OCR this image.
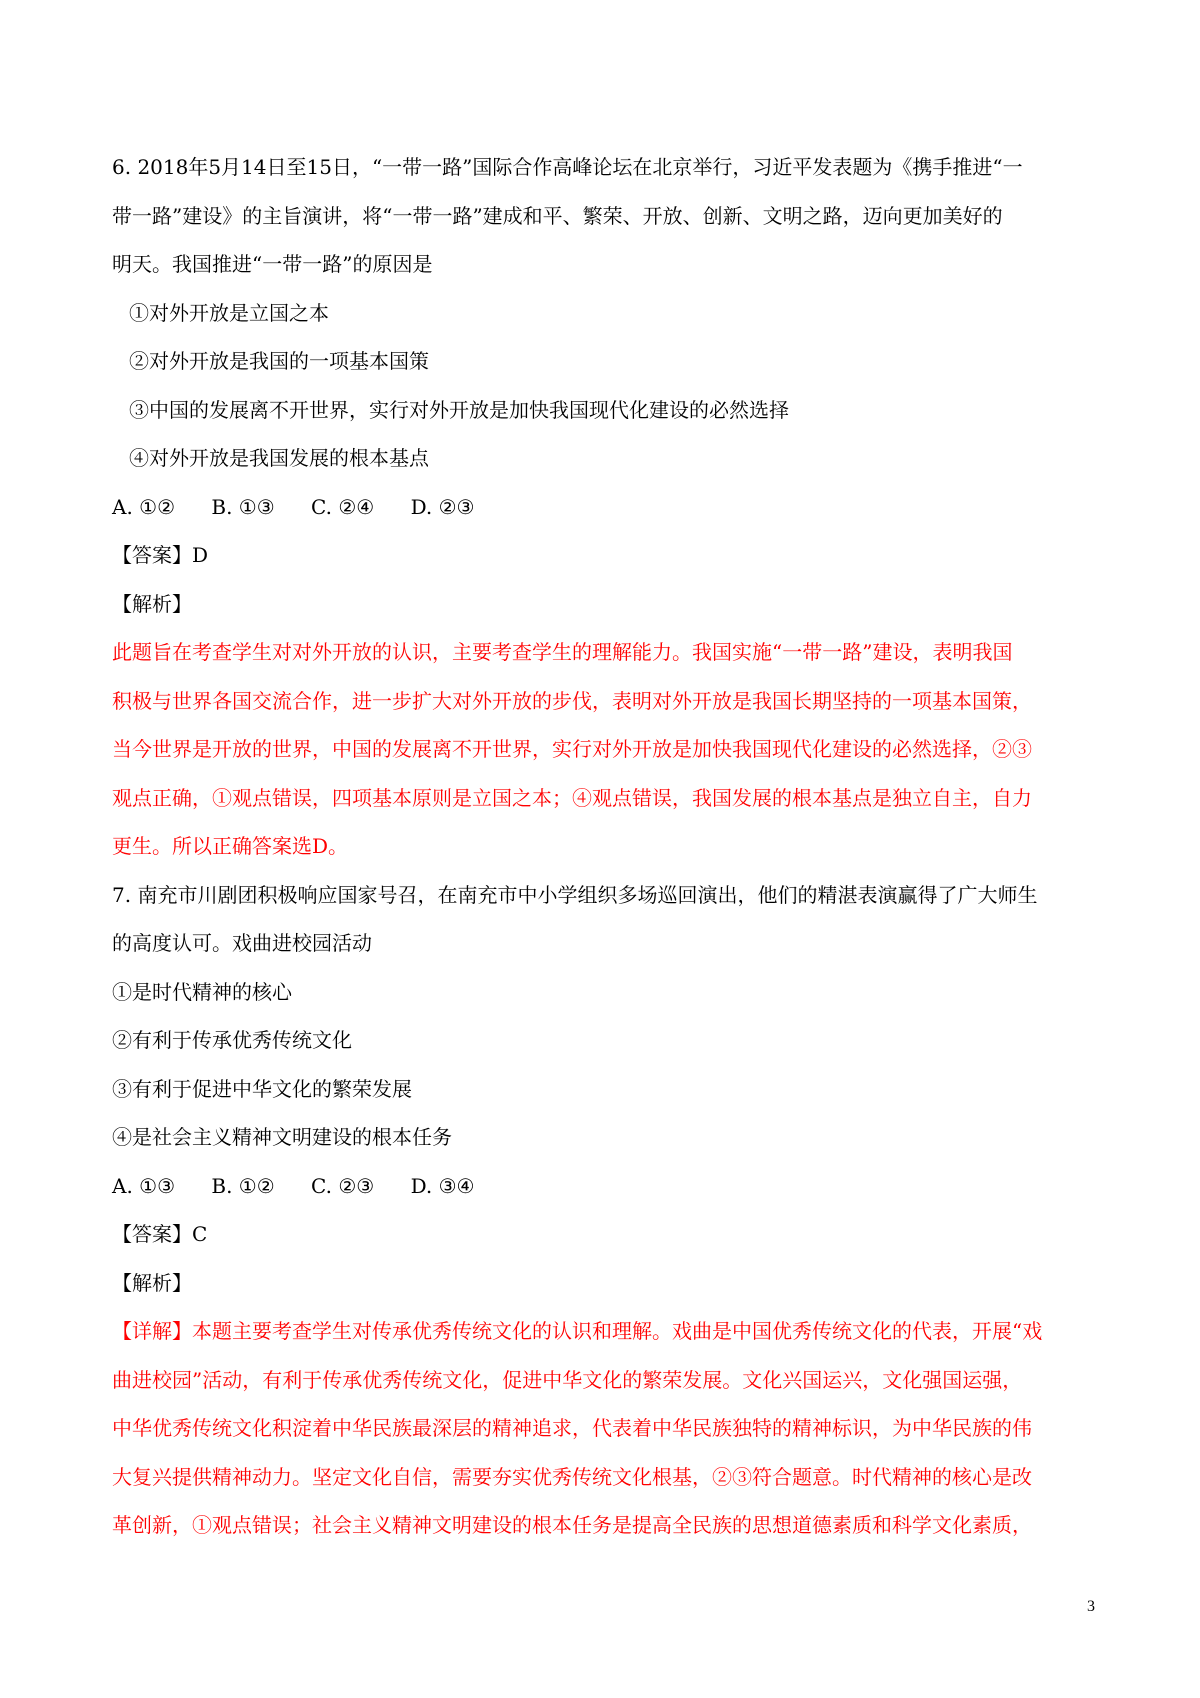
6. 2018年5月14日至15日，“一带一路”国际合作高峰论坛在北京举行，习近平发表题为《携手推进“一
带一路”建设》的主旨演讲，将“一带一路”建成和平、繁荣、开放、创新、文明之路，迈向更加美好的
明天。我国推进“一带一路”的原因是
①对外开放是立国之本
②对外开放是我国的一项基本国策
③中国的发展离不开世界，实行对外开放是加快我国现代化建设的必然选择
④对外开放是我国发展的根本基点
A. ①② B. ①③ C. ②④ D. ②③
【答案】D
【解析】
此题旨在考查学生对对外开放的认识，主要考查学生的理解能力。我国实施“一带一路”建设，表明我国
积极与世界各国交流合作，进一步扩大对外开放的步伐，表明对外开放是我国长期坚持的一项基本国策，
当今世界是开放的世界，中国的发展离不开世界，实行对外开放是加快我国现代化建设的必然选择，②③
观点正确，①观点错误，四项基本原则是立国之本；④观点错误，我国发展的根本基点是独立自主，自力
更生。所以正确答案选D。
7. 南充市川剧团积极响应国家号召，在南充市中小学组织多场巡回演出，他们的精湛表演赢得了广大师生
的高度认可。戏曲进校园活动
①是时代精神的核心
②有利于传承优秀传统文化
③有利于促进中华文化的繁荣发展
④是社会主义精神文明建设的根本任务
A. ①③ B. ①② C. ②③ D. ③④
【答案】C
【解析】
【详解】本题主要考查学生对传承优秀传统文化的认识和理解。戏曲是中国优秀传统文化的代表，开展“戏
曲进校园”活动，有利于传承优秀传统文化，促进中华文化的繁荣发展。文化兴国运兴，文化强国运强，
中华优秀传统文化积淀着中华民族最深层的精神追求，代表着中华民族独特的精神标识，为中华民族的伟
大复兴提供精神动力。坚定文化自信，需要夯实优秀传统文化根基，②③符合题意。时代精神的核心是改
革创新，①观点错误；社会主义精神文明建设的根本任务是提高全民族的思想道德素质和科学文化素质，
3
